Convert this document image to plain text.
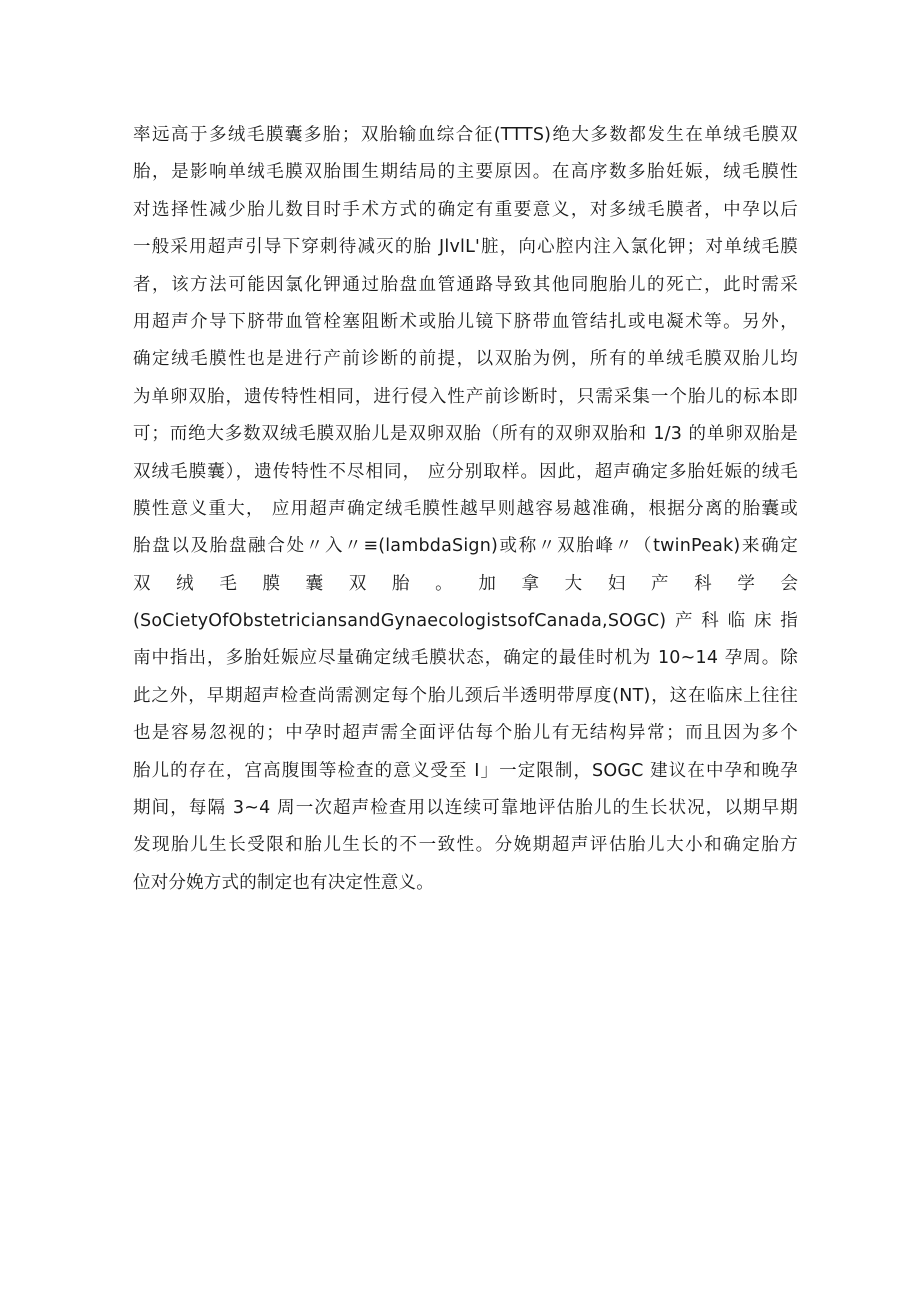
率远高于多绒毛膜囊多胎；双胎输血综合征(TTTS)绝大多数都发生在单绒毛膜双
胎，是影响单绒毛膜双胎围生期结局的主要原因。在高序数多胎妊娠，绒毛膜性
对选择性减少胎儿数目时手术方式的确定有重要意义，对多绒毛膜者，中孕以后
一般采用超声引导下穿刺待减灭的胎 JlvlL'脏，向心腔内注入氯化钾；对单绒毛膜
者，该方法可能因氯化钾通过胎盘血管通路导致其他同胞胎儿的死亡，此时需采
用超声介导下脐带血管栓塞阻断术或胎儿镜下脐带血管结扎或电凝术等。另外，
确定绒毛膜性也是进行产前诊断的前提，以双胎为例，所有的单绒毛膜双胎儿均
为单卵双胎，遗传特性相同，进行侵入性产前诊断时，只需采集一个胎儿的标本即
可；而绝大多数双绒毛膜双胎儿是双卵双胎（所有的双卵双胎和 1/3 的单卵双胎是
双绒毛膜囊），遗传特性不尽相同， 应分别取样。因此，超声确定多胎妊娠的绒毛
膜性意义重大， 应用超声确定绒毛膜性越早则越容易越准确，根据分离的胎囊或
胎盘以及胎盘融合处〃入〃≡(lambdaSign)或称〃双胎峰〃（twinPeak)来确定
双 绒 毛 膜 囊 双 胎 。 加 拿 大 妇 产 科 学 会
(SoCietyOfObstetriciansandGynaecologistsofCanada,SOGC)产科临床指
南中指出，多胎妊娠应尽量确定绒毛膜状态，确定的最佳时机为 10~14 孕周。除
此之外，早期超声检查尚需测定每个胎儿颈后半透明带厚度(NT)，这在临床上往往
也是容易忽视的；中孕时超声需全面评估每个胎儿有无结构异常；而且因为多个
胎儿的存在，宫高腹围等检查的意义受至 I」一定限制，SOGC 建议在中孕和晚孕
期间，每隔 3~4 周一次超声检查用以连续可靠地评估胎儿的生长状况，以期早期
发现胎儿生长受限和胎儿生长的不一致性。分娩期超声评估胎儿大小和确定胎方
位对分娩方式的制定也有决定性意义。
